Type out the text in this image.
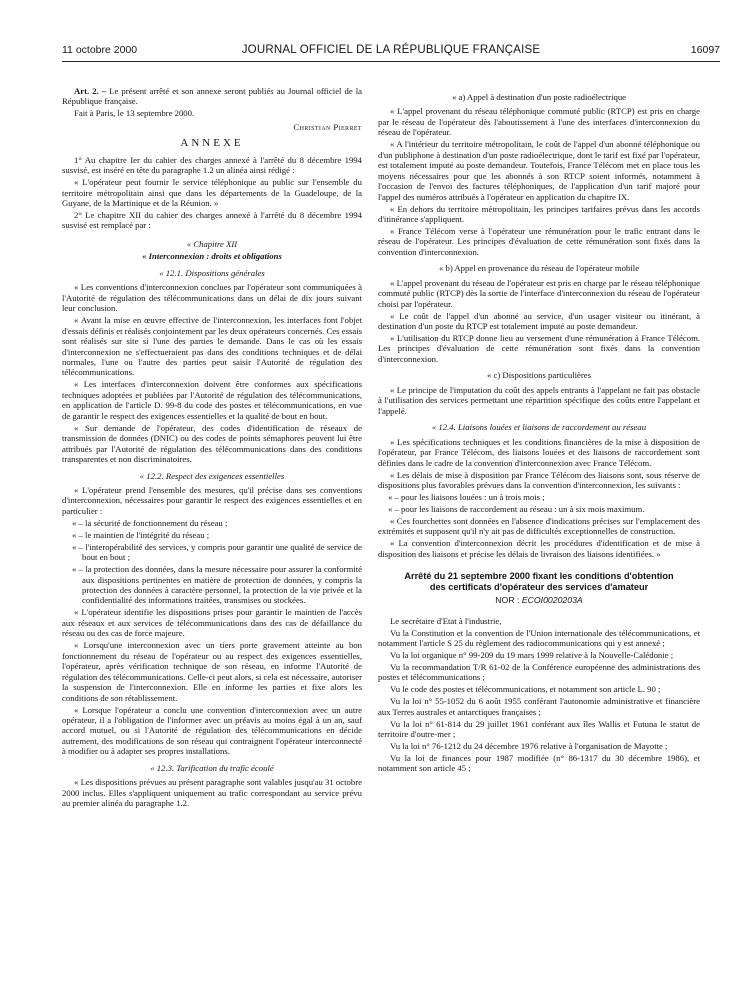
11 octobre 2000	JOURNAL OFFICIEL DE LA RÉPUBLIQUE FRANÇAISE	16097

Art. 2. – Le présent arrêté et son annexe seront publiés au Journal officiel de la République française.

Fait à Paris, le 13 septembre 2000.

Christian Pierret

ANNEXE

1° Au chapitre Ier du cahier des charges annexé à l'arrêté du 8 décembre 1994 susvisé, est inséré en tête du paragraphe 1.2 un alinéa ainsi rédigé :

« L'opérateur peut fournir le service téléphonique au public sur l'ensemble du territoire métropolitain ainsi que dans les départements de la Guadeloupe, de la Guyane, de la Martinique et de la Réunion. »

2° Le chapitre XII du cahier des charges annexé à l'arrêté du 8 décembre 1994 susvisé est remplacé par :

« Chapitre XII

« Interconnexion : droits et obligations

« 12.1. Dispositions générales

« Les conventions d'interconnexion conclues par l'opérateur sont communiquées à l'Autorité de régulation des télécommunications dans un délai de dix jours suivant leur conclusion.

« Avant la mise en œuvre effective de l'interconnexion, les interfaces font l'objet d'essais définis et réalisés conjointement par les deux opérateurs concernés. Ces essais sont réalisés sur site si l'une des parties le demande. Dans le cas où les essais d'interconnexion ne s'effectueraient pas dans des conditions techniques et de délai normales, l'une ou l'autre des parties peut saisir l'Autorité de régulation des télécommunications.

« Les interfaces d'interconnexion doivent être conformes aux spécifications techniques adoptées et publiées par l'Autorité de régulation des télécommunications, en application de l'article D. 99-8 du code des postes et télécommunications, en vue de garantir le respect des exigences essentielles et la qualité de bout en bout.

« Sur demande de l'opérateur, des codes d'identification de réseaux de transmission de données (DNIC) ou des codes de points sémaphores peuvent lui être attribués par l'Autorité de régulation des télécommunications dans des conditions transparentes et non discriminatoires.

« 12.2. Respect des exigences essentielles

« L'opérateur prend l'ensemble des mesures, qu'il précise dans ses conventions d'interconnexion, nécessaires pour garantir le respect des exigences essentielles et en particulier :

« – la sécurité de fonctionnement du réseau ;

« – le maintien de l'intégrité du réseau ;

« – l'interopérabilité des services, y compris pour garantir une qualité de service de bout en bout ;

« – la protection des données, dans la mesure nécessaire pour assurer la conformité aux dispositions pertinentes en matière de protection de données, y compris la protection des données à caractère personnel, la protection de la vie privée et la confidentialité des informations traitées, transmises ou stockées.

« L'opérateur identifie les dispositions prises pour garantir le maintien de l'accès aux réseaux et aux services de télécommunications dans des cas de défaillance du réseau ou des cas de force majeure.

« Lorsqu'une interconnexion avec un tiers porte gravement atteinte au bon fonctionnement du réseau de l'opérateur ou au respect des exigences essentielles, l'opérateur, après vérification technique de son réseau, en informe l'Autorité de régulation des télécommunications. Celle-ci peut alors, si cela est nécessaire, autoriser la suspension de l'interconnexion. Elle en informe les parties et fixe alors les conditions de son rétablissement.

« Lorsque l'opérateur a conclu une convention d'interconnexion avec un autre opérateur, il a l'obligation de l'informer avec un préavis au moins égal à un an, sauf accord mutuel, ou si l'Autorité de régulation des télécommunications en décide autrement, des modifications de son réseau qui contraignent l'opérateur interconnecté à modifier ou à adapter ses propres installations.

« 12.3. Tarification du trafic écoulé

« Les dispositions prévues au présent paragraphe sont valables jusqu'au 31 octobre 2000 inclus. Elles s'appliquent uniquement au trafic correspondant au service prévu au premier alinéa du paragraphe 1.2.

« a) Appel à destination d'un poste radioélectrique

« L'appel provenant du réseau téléphonique commuté public (RTCP) est pris en charge par le réseau de l'opérateur dès l'aboutissement à l'une des interfaces d'interconnexion du réseau de l'opérateur.

« A l'intérieur du territoire métropolitain, le coût de l'appel d'un abonné téléphonique ou d'un publiphone à destination d'un poste radioélectrique, dont le tarif est fixé par l'opérateur, est totalement imputé au poste demandeur. Toutefois, France Télécom met en place tous les moyens nécessaires pour que les abonnés à son RTCP soient informés, notamment à l'occasion de l'envoi des factures téléphoniques, de l'application d'un tarif majoré pour l'appel des numéros attribués à l'opérateur en application du chapitre IX.

« En dehors du territoire métropolitain, les principes tarifaires prévus dans les accords d'itinérance s'appliquent.

« France Télécom verse à l'opérateur une rémunération pour le trafic entrant dans le réseau de l'opérateur. Les principes d'évaluation de cette rémunération sont fixés dans la convention d'interconnexion.

« b) Appel en provenance du réseau de l'opérateur mobile

« L'appel provenant du réseau de l'opérateur est pris en charge par le réseau téléphonique commuté public (RTCP) dès la sortie de l'interface d'interconnexion du réseau de l'opérateur choisi par l'opérateur.

« Le coût de l'appel d'un abonné au service, d'un usager visiteur ou itinérant, à destination d'un poste du RTCP est totalement imputé au poste demandeur.

« L'utilisation du RTCP donne lieu au versement d'une rémunération à France Télécom. Les principes d'évaluation de cette rémunération sont fixés dans la convention d'interconnexion.

« c) Dispositions particulières

« Le principe de l'imputation du coût des appels entrants à l'appelant ne fait pas obstacle à l'utilisation des services permettant une répartition spécifique des coûts entre l'appelant et l'appelé.

« 12.4. Liaisons louées et liaisons de raccordement au réseau

« Les spécifications techniques et les conditions financières de la mise à disposition de l'opérateur, par France Télécom, des liaisons louées et des liaisons de raccordement sont définies dans le cadre de la convention d'interconnexion avec France Télécom.

« Les délais de mise à disposition par France Télécom des liaisons sont, sous réserve de dispositions plus favorables prévues dans la convention d'interconnexion, les suivants :

« – pour les liaisons louées : un à trois mois ;

« – pour les liaisons de raccordement au réseau : un à six mois maximum.

« Ces fourchettes sont données en l'absence d'indications précises sur l'emplacement des extrémités et supposent qu'il n'y ait pas de difficultés exceptionnelles de construction.

« La convention d'interconnexion décrit les procédures d'identification et de mise à disposition des liaisons et précise les délais de livraison des liaisons identifiées. »

Arrêté du 21 septembre 2000 fixant les conditions d'obtention des certificats d'opérateur des services d'amateur

NOR : ECOI0020203A

Le secrétaire d'Etat à l'industrie,

Vu la Constitution et la convention de l'Union internationale des télécommunications, et notamment l'article S 25 du règlement des radiocommunications qui y est annexé ;

Vu la loi organique n° 99-209 du 19 mars 1999 relative à la Nouvelle-Calédonie ;

Vu la recommandation T/R 61-02 de la Conférence européenne des administrations des postes et télécommunications ;

Vu le code des postes et télécommunications, et notamment son article L. 90 ;

Vu la loi n° 55-1052 du 6 août 1955 conférant l'autonomie administrative et financière aux Terres australes et antarctiques françaises ;

Vu la loi n° 61-814 du 29 juillet 1961 conférant aux îles Wallis et Futuna le statut de territoire d'outre-mer ;

Vu la loi n° 76-1212 du 24 décembre 1976 relative à l'organisation de Mayotte ;

Vu la loi de finances pour 1987 modifiée (n° 86-1317 du 30 décembre 1986), et notamment son article 45 ;
